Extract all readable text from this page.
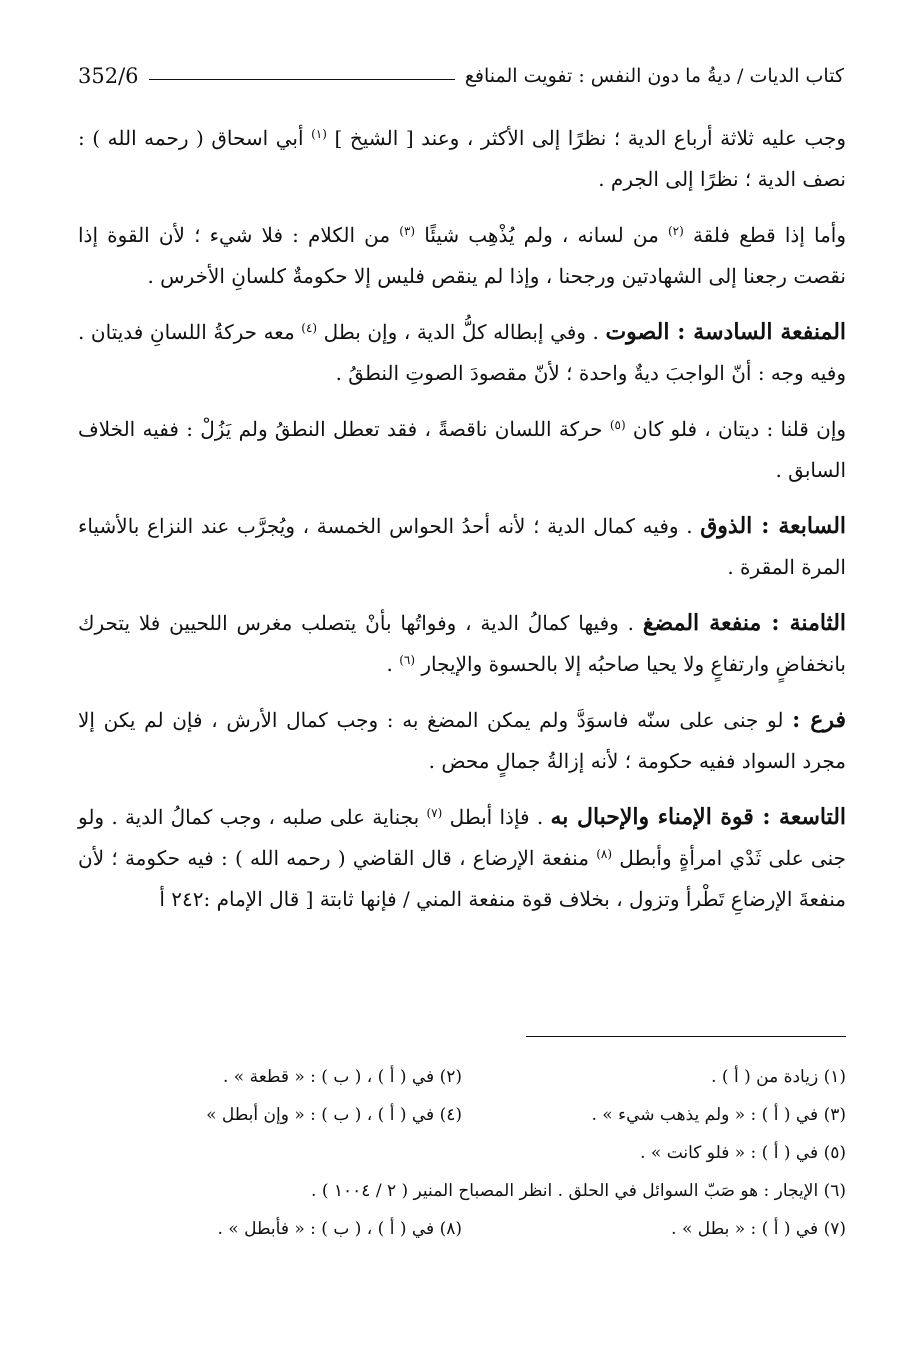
352/6	كتاب الديات / ديةُ ما دون النفس : تفويت المنافع

وجب عليه ثلاثة أرباع الدية ؛ نظرًا إلى الأكثر ، وعند [ الشيخ ] $^{(١)}$ أبي اسحاق ( رحمه الله ) : نصف الدية ؛ نظرًا إلى الجرم .

وأما إذا قطع فلقة $^{(٢)}$ من لسانه ، ولم يُذْهِب شيئًا $^{(٣)}$ من الكلام : فلا شيء ؛ لأن القوة إذا نقصت رجعنا إلى الشهادتين ورجحنا ، وإذا لم ينقص فليس إلا حكومةٌ كلسانِ الأخرس .

المنفعة السادسة : الصوت . وفي إبطاله كلُّ الدية ، وإن بطل $^{(٤)}$ معه حركةُ اللسانِ فديتان . وفيه وجه : أنّ الواجبَ ديةٌ واحدة ؛ لأنّ مقصودَ الصوتِ النطقُ .

وإن قلنا : ديتان ، فلو كان $^{(٥)}$ حركة اللسان ناقصةً ، فقد تعطل النطقُ ولم يَزُلْ : ففيه الخلاف السابق .

السابعة : الذوق . وفيه كمال الدية ؛ لأنه أحدُ الحواس الخمسة ، ويُجرَّب عند النزاع بالأشياء المرة المقرة .

الثامنة : منفعة المضغ . وفيها كمالُ الدية ، وفواتُها بأنْ يتصلب مغرس اللحيين فلا يتحرك بانخفاضٍ وارتفاعٍ ولا يحيا صاحبُه إلا بالحسوة والإيجار $^{(٦)}$ .

فرع : لو جنى على سنّه فاسوَدَّ ولم يمكن المضغ به : وجب كمال الأرش ، فإن لم يكن إلا مجرد السواد ففيه حكومة ؛ لأنه إزالةُ جمالٍ محض .

التاسعة : قوة الإمناء والإحبال به . فإذا أبطل $^{(٧)}$ بجناية على صلبه ، وجب كمالُ الدية . ولو جنى على ثَدْي امرأةٍ وأبطل $^{(٨)}$ منفعة الإرضاع ، قال القاضي ( رحمه الله ) : فيه حكومة ؛ لأن منفعةَ الإرضاعِ تَطْرأ وتزول ، بخلاف قوة منفعة المني / فإنها ثابتة [ قال الإمام :٢٤٢ أ

(١) زيادة من ( أ ) .
(٢) في ( أ ) ، ( ب ) : « قطعة » .
(٣) في ( أ ) : « ولم يذهب شيء » .
(٤) في ( أ ) ، ( ب ) : « وإن أبطل »
(٥) في ( أ ) : « فلو كانت » .
(٦) الإيجار : هو صَبّ السوائل في الحلق . انظر المصباح المنير ( ٢ / ١٠٠٤ ) .
(٧) في ( أ ) : « بطل » .
(٨) في ( أ ) ، ( ب ) : « فأبطل » .
